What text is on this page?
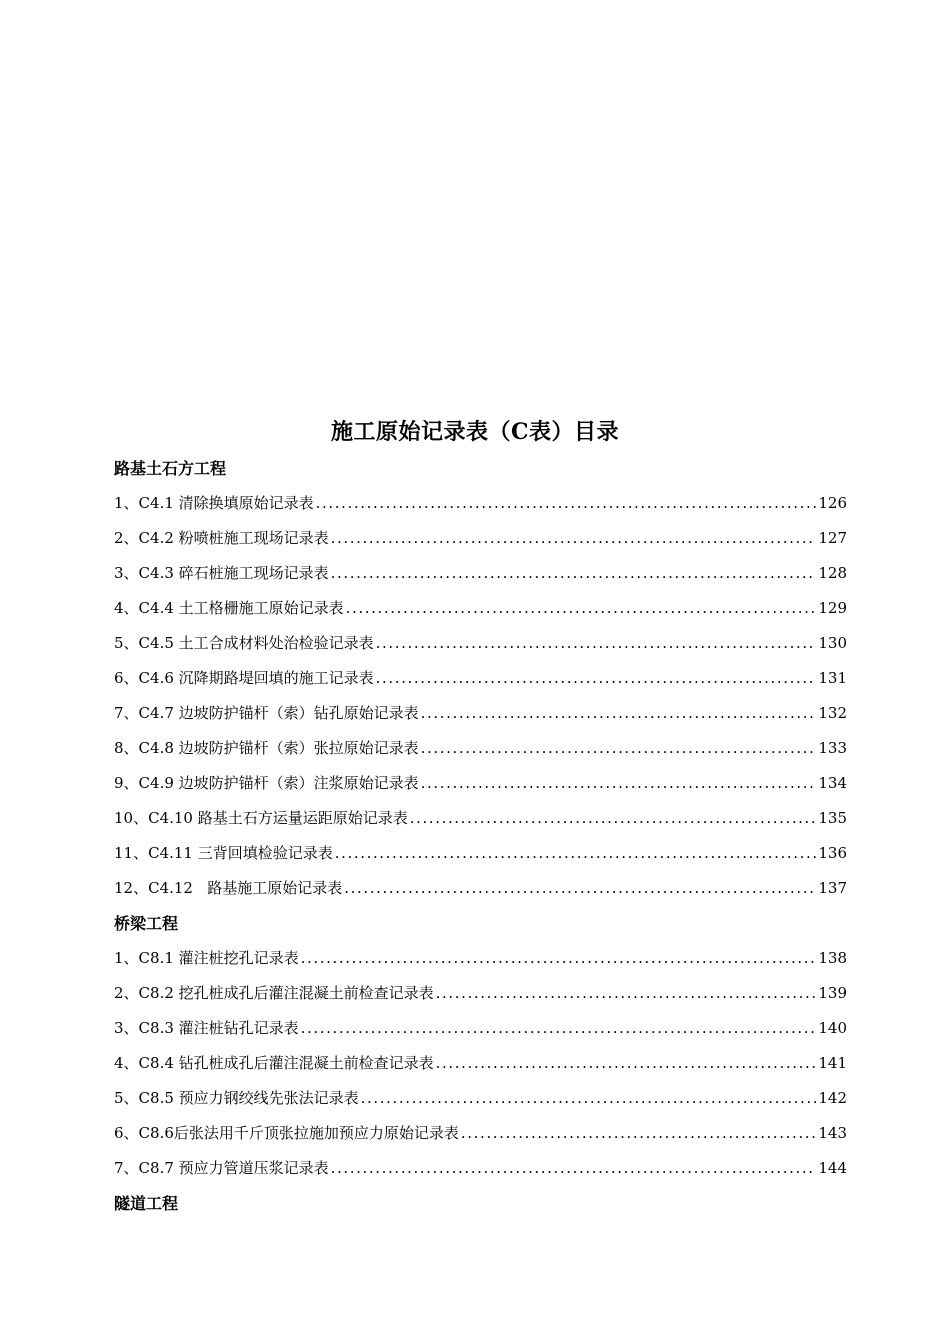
施工原始记录表（C表）目录
路基土石方工程
1、C4.1 清除换填原始记录表 .....	126
2、C4.2 粉喷桩施工现场记录表 .....	127
3、C4.3 碎石桩施工现场记录表 .....	128
4、C4.4 土工格栅施工原始记录表 .....	129
5、C4.5 土工合成材料处治检验记录表 .....	130
6、C4.6 沉降期路堤回填的施工记录表 .....	131
7、C4.7 边坡防护锚杆（索）钻孔原始记录表 .....	132
8、C4.8 边坡防护锚杆（索）张拉原始记录表 .....	133
9、C4.9 边坡防护锚杆（索）注浆原始记录表 .....	134
10、C4.10 路基土石方运量运距原始记录表 .....	135
11、C4.11 三背回填检验记录表 .....	136
12、C4.12   路基施工原始记录表 .....	137
桥梁工程
1、C8.1 灌注桩挖孔记录表 .....	138
2、C8.2 挖孔桩成孔后灌注混凝土前检查记录表 .....	139
3、C8.3 灌注桩钻孔记录表 .....	140
4、C8.4 钻孔桩成孔后灌注混凝土前检查记录表 .....	141
5、C8.5 预应力钢绞线先张法记录表 .....	142
6、C8.6后张法用千斤顶张拉施加预应力原始记录表 .....	143
7、C8.7 预应力管道压浆记录表 .....	144
隧道工程
